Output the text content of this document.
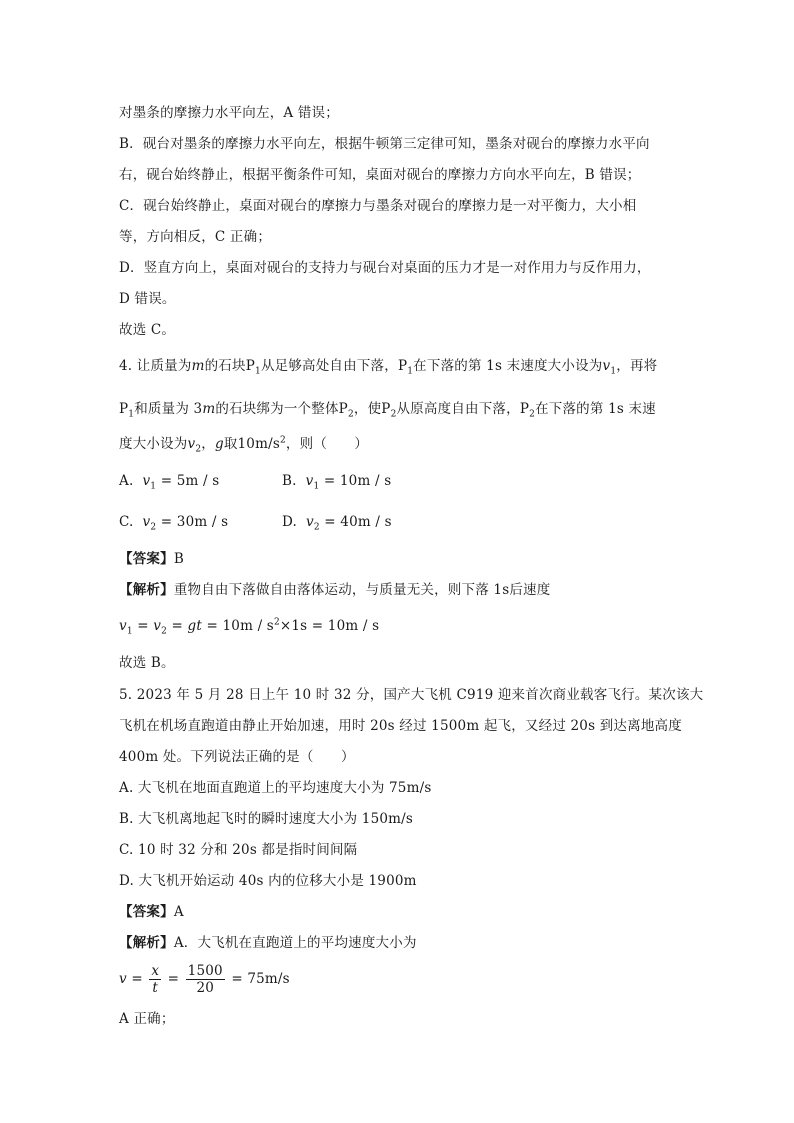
对墨条的摩擦力水平向左，A 错误；
B．砚台对墨条的摩擦力水平向左，根据牛顿第三定律可知，墨条对砚台的摩擦力水平向
右，砚台始终静止，根据平衡条件可知，桌面对砚台的摩擦力方向水平向左，B 错误；
C．砚台始终静止，桌面对砚台的摩擦力与墨条对砚台的摩擦力是一对平衡力，大小相
等，方向相反，C 正确；
D．竖直方向上，桌面对砚台的支持力与砚台对桌面的压力才是一对作用力与反作用力，
D 错误。
故选 C。
4. 让质量为m的石块$P_1$从足够高处自由下落，$P_1$在下落的第 1s 末速度大小设为$v_1$，再将
$P_1$和质量为 3m的石块绑为一个整体$P_2$，使$P_2$从原高度自由下落，$P_2$在下落的第 1s 末速
度大小设为$v_2$，g取$10m/s^2$，则（　　）
A. $v_1 = 5m / s$	B. $v_1 = 10m / s$
C. $v_2 = 30m / s$	D. $v_2 = 40m / s$
【答案】B
【解析】重物自由下落做自由落体运动，与质量无关，则下落 1s后速度
$v_1 = v_2$ = gt = $10m / s^2\times 1s = 10m / s$
故选 B。
5. 2023 年 5 月 28 日上午 10 时 32 分，国产大飞机 C919 迎来首次商业载客飞行。某次该大
飞机在机场直跑道由静止开始加速，用时 20s 经过 1500m 起飞，又经过 20s 到达离地高度
400m 处。下列说法正确的是（　　）
A. 大飞机在地面直跑道上的平均速度大小为 75m/s
B. 大飞机离地起飞时的瞬时速度大小为 150m/s
C. 10 时 32 分和 20s 都是指时间间隔
D. 大飞机开始运动 40s 内的位移大小是 1900m
【答案】A
【解析】A．大飞机在直跑道上的平均速度大小为
$v = \frac{x}{t} = \frac{1500}{20} = 75m/s$
A 正确；
